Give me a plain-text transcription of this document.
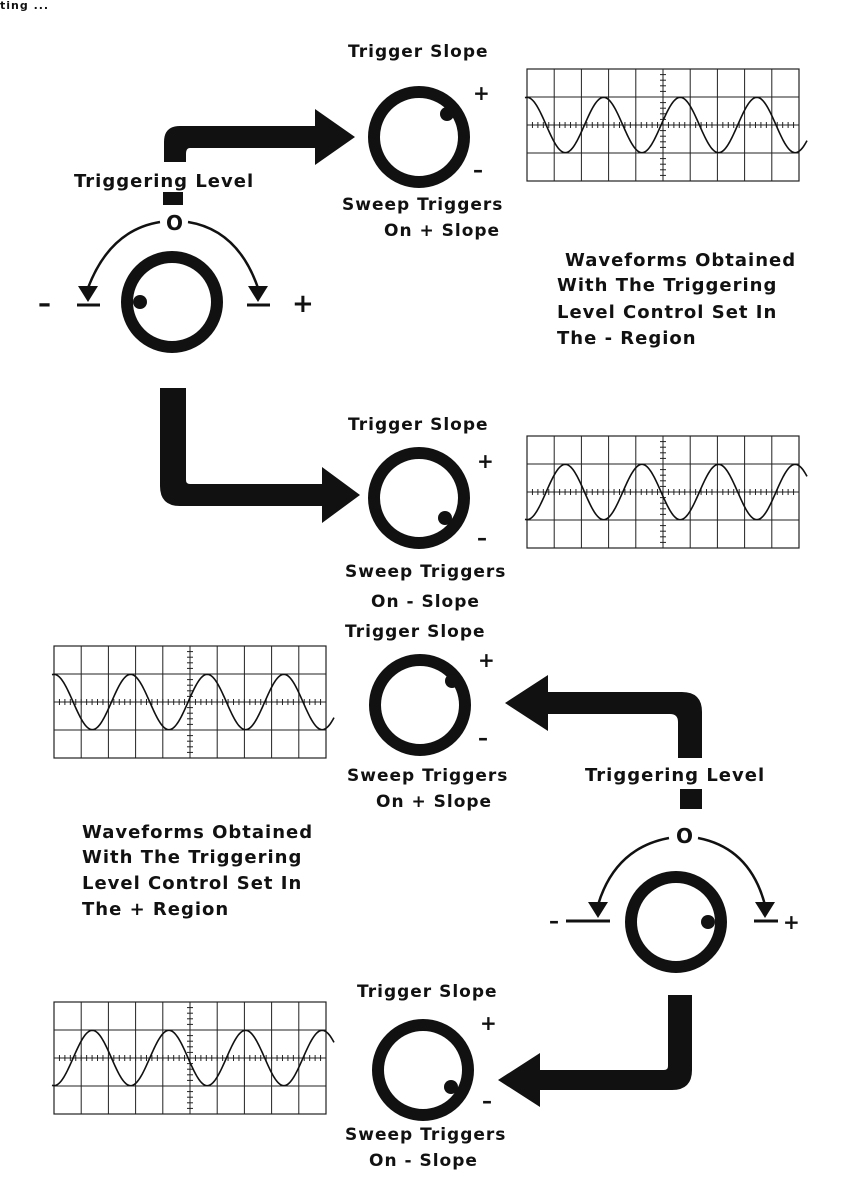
ting ...
Triggering Level
O
–	+
Trigger Slope
+
–
Sweep Triggers
On + Slope
Trigger Slope
+
–
Sweep Triggers
On - Slope
Waveforms Obtained
With The Triggering
Level Control Set In
The - Region
Trigger Slope
+
–
Sweep Triggers
On + Slope
Triggering Level
O
–	+
Trigger Slope
+
–
Sweep Triggers
On - Slope
Waveforms Obtained
With The Triggering
Level Control Set In
The + Region
